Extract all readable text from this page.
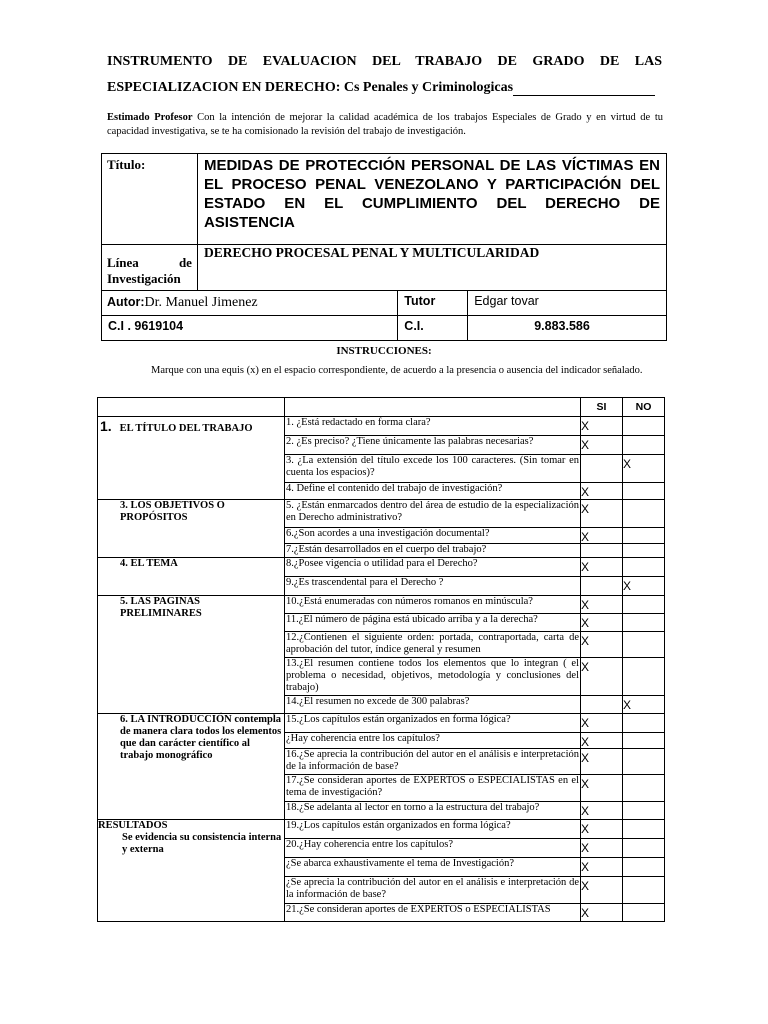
INSTRUMENTO DE EVALUACION DEL TRABAJO DE GRADO DE LAS
ESPECIALIZACION EN DERECHO: Cs Penales y Criminologicas
Estimado Profesor Con la intención de mejorar la calidad académica de los trabajos Especiales de Grado y en virtud de tu capacidad investigativa, se te ha comisionado la revisión del trabajo de investigación.
Título:	MEDIDAS DE PROTECCIÓN PERSONAL DE LAS VÍCTIMAS EN EL PROCESO PENAL VENEZOLANO Y PARTICIPACIÓN DEL ESTADO EN EL CUMPLIMIENTO DEL DERECHO DE ASISTENCIA		
Línea de Investigación	DERECHO PROCESAL PENAL Y MULTICULARIDAD		
Autor:Dr. Manuel Jimenez		Tutor	Edgar tovar
C.I . 9619104		C.I.	9.883.586
INSTRUCCIONES:
Marque con una equis (x) en el espacio correspondiente, de acuerdo a la presencia o ausencia del indicador señalado.
		SI	NO
1. EL TÍTULO DEL TRABAJO	1. ¿Está redactado en forma clara?	X	
	2. ¿Es preciso? ¿Tiene únicamente las palabras necesarias?	X	
	3. ¿La extensión del título excede los 100 caracteres. (Sin tomar en cuenta los espacios)?		X
	4. Define el contenido del trabajo de investigación?	X	
3. LOS OBJETIVOS O PROPÓSITOS	5. ¿Están enmarcados dentro del área de estudio de la especialización en Derecho administrativo?	X	
	6.¿Son acordes a una investigación documental?	X	
	7.¿Están desarrollados en el cuerpo del trabajo?		
4. EL TEMA	8.¿Posee vigencia o utilidad para el Derecho?	X	
	9.¿Es trascendental para el Derecho ?		X
5. LAS PAGINAS PRELIMINARES	10.¿Está enumeradas con números romanos en minúscula?	X	
	11.¿El número de página está ubicado arriba y a la derecha?	X	
	12.¿Contienen el siguiente orden: portada, contraportada, carta de aprobación del tutor, índice general y resumen	X	
	13.¿El resumen contiene todos los elementos que lo integran ( el problema o necesidad, objetivos, metodología y conclusiones del trabajo)	X	
	14.¿El resumen no excede de 300 palabras?		X
6. LA INTRODUCCIÓN contempla de manera clara todos los elementos que dan carácter científico al trabajo monográfico	15.¿Los capítulos están organizados en forma lógica?	X	
	¿Hay coherencia entre los capítulos?	X	
	16.¿Se aprecia la contribución del autor en el análisis e interpretación de la información de base?	X	
	17.¿Se consideran aportes de EXPERTOS o ESPECIALISTAS en el tema de investigación?	X	
	18.¿Se adelanta al lector en torno a la estructura del trabajo?	X	

RESULTADOS
Se evidencia su consistencia interna y externa	19.¿Los capítulos están organizados en forma lógica?	X	
	20.¿Hay coherencia entre los capítulos?	X	
	¿Se abarca exhaustivamente el tema de Investigación?	X	
	¿Se aprecia la contribución del autor en el análisis e interpretación de la información de base?	X	
	21.¿Se consideran aportes de EXPERTOS o ESPECIALISTAS	X	
